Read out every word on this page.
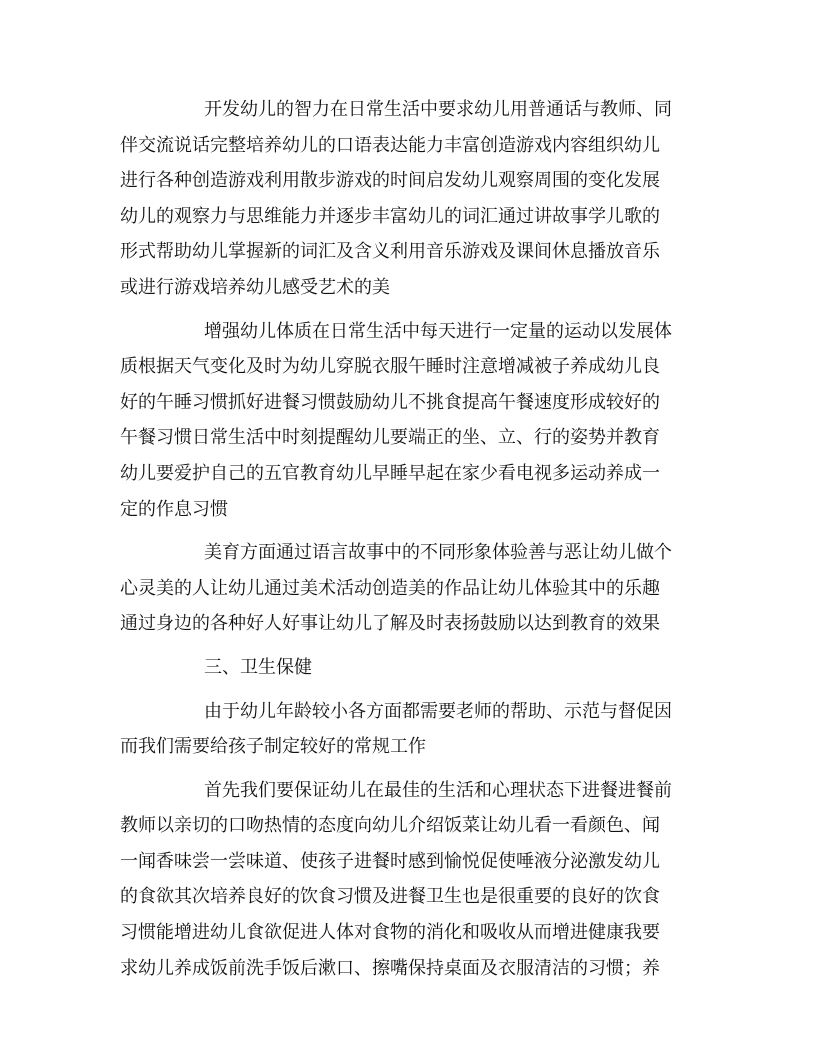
开发幼儿的智力在日常生活中要求幼儿用普通话与教师、同
伴交流说话完整培养幼儿的口语表达能力丰富创造游戏内容组织幼儿
进行各种创造游戏利用散步游戏的时间启发幼儿观察周围的变化发展
幼儿的观察力与思维能力并逐步丰富幼儿的词汇通过讲故事学儿歌的
形式帮助幼儿掌握新的词汇及含义利用音乐游戏及课间休息播放音乐
或进行游戏培养幼儿感受艺术的美
增强幼儿体质在日常生活中每天进行一定量的运动以发展体
质根据天气变化及时为幼儿穿脱衣服午睡时注意增减被子养成幼儿良
好的午睡习惯抓好进餐习惯鼓励幼儿不挑食提高午餐速度形成较好的
午餐习惯日常生活中时刻提醒幼儿要端正的坐、立、行的姿势并教育
幼儿要爱护自己的五官教育幼儿早睡早起在家少看电视多运动养成一
定的作息习惯
美育方面通过语言故事中的不同形象体验善与恶让幼儿做个
心灵美的人让幼儿通过美术活动创造美的作品让幼儿体验其中的乐趣
通过身边的各种好人好事让幼儿了解及时表扬鼓励以达到教育的效果
三、卫生保健
由于幼儿年龄较小各方面都需要老师的帮助、示范与督促因
而我们需要给孩子制定较好的常规工作
首先我们要保证幼儿在最佳的生活和心理状态下进餐进餐前
教师以亲切的口吻热情的态度向幼儿介绍饭菜让幼儿看一看颜色、闻
一闻香味尝一尝味道、使孩子进餐时感到愉悦促使唾液分泌激发幼儿
的食欲其次培养良好的饮食习惯及进餐卫生也是很重要的良好的饮食
习惯能增进幼儿食欲促进人体对食物的消化和吸收从而增进健康我要
求幼儿养成饭前洗手饭后漱口、擦嘴保持桌面及衣服清洁的习惯；养
